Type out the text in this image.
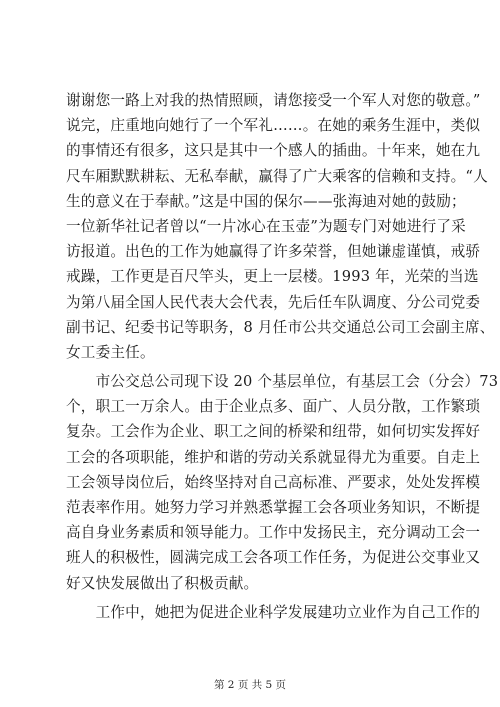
谢谢您一路上对我的热情照顾，请您接受一个军人对您的敬意。”
说完，庄重地向她行了一个军礼……。在她的乘务生涯中，类似
的事情还有很多，这只是其中一个感人的插曲。十年来，她在九
尺车厢默默耕耘、无私奉献，赢得了广大乘客的信赖和支持。“人
生的意义在于奉献。”这是中国的保尔——张海迪对她的鼓励；
一位新华社记者曾以“一片冰心在玉壶”为题专门对她进行了采
访报道。出色的工作为她赢得了许多荣誉，但她谦虚谨慎，戒骄
戒躁，工作更是百尺竿头，更上一层楼。1993 年，光荣的当选
为第八届全国人民代表大会代表，先后任车队调度、分公司党委
副书记、纪委书记等职务，8 月任市公共交通总公司工会副主席、
女工委主任。
　　市公交总公司现下设 20 个基层单位，有基层工会（分会）73
个，职工一万余人。由于企业点多、面广、人员分散，工作繁琐
复杂。工会作为企业、职工之间的桥梁和纽带，如何切实发挥好
工会的各项职能，维护和谐的劳动关系就显得尤为重要。自走上
工会领导岗位后，始终坚持对自己高标准、严要求，处处发挥模
范表率作用。她努力学习并熟悉掌握工会各项业务知识，不断提
高自身业务素质和领导能力。工作中发扬民主，充分调动工会一
班人的积极性，圆满完成工会各项工作任务，为促进公交事业又
好又快发展做出了积极贡献。
　　工作中，她把为促进企业科学发展建功立业作为自己工作的
第 2 页 共 5 页
